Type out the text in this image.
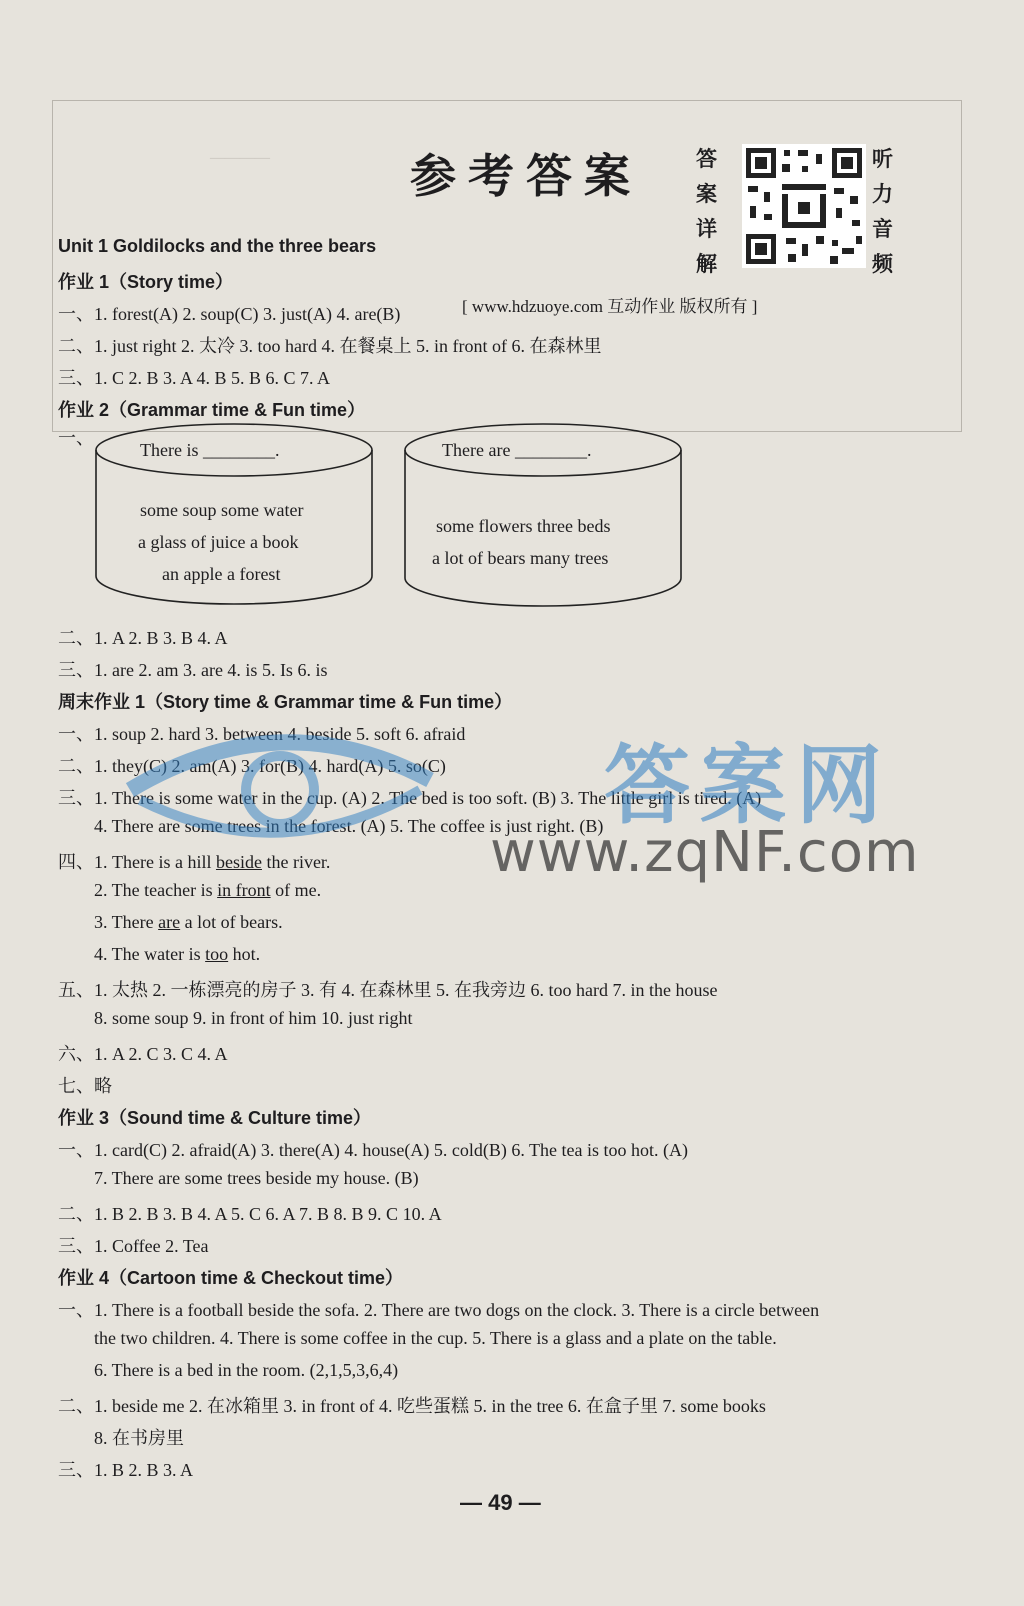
————	参考答案	答
案
详
解
听
力
音
频
Unit 1 Goldilocks and the three bears
作业 1（Story time）
一、1. forest(A) 2. soup(C) 3. just(A) 4. are(B)	[ www.hdzuoye.com 互动作业 版权所有 ]
二、1. just right 2. 太冷 3. too hard 4. 在餐桌上 5. in front of 6. 在森林里
三、1. C 2. B 3. A 4. B 5. B 6. C 7. A
作业 2（Grammar time & Fun time）
一、
There is ________.
some soup some water
a glass of juice a book
an apple a forest
There are ________.
some flowers three beds
a lot of bears many trees
二、1. A 2. B 3. B 4. A
三、1. are 2. am 3. are 4. is 5. Is 6. is
周末作业 1（Story time & Grammar time & Fun time）
一、1. soup 2. hard 3. between 4. beside 5. soft 6. afraid
二、1. they(C) 2. am(A) 3. for(B) 4. hard(A) 5. so(C)
三、1. There is some water in the cup. (A) 2. The bed is too soft. (B) 3. The little girl is tired. (A)
4. There are some trees in the forest. (A) 5. The coffee is just right. (B)
四、1. There is a hill beside the river.
2. The teacher is in front of me.
3. There are a lot of bears.
4. The water is too hot.
五、1. 太热 2. 一栋漂亮的房子 3. 有 4. 在森林里 5. 在我旁边 6. too hard 7. in the house
8. some soup 9. in front of him 10. just right
六、1. A 2. C 3. C 4. A
七、略
作业 3（Sound time & Culture time）
一、1. card(C) 2. afraid(A) 3. there(A) 4. house(A) 5. cold(B) 6. The tea is too hot. (A)
7. There are some trees beside my house. (B)
二、1. B 2. B 3. B 4. A 5. C 6. A 7. B 8. B 9. C 10. A
三、1. Coffee 2. Tea
作业 4（Cartoon time & Checkout time）
一、1. There is a football beside the sofa. 2. There are two dogs on the clock. 3. There is a circle between
the two children. 4. There is some coffee in the cup. 5. There is a glass and a plate on the table.
6. There is a bed in the room. (2,1,5,3,6,4)
二、1. beside me 2. 在冰箱里 3. in front of 4. 吃些蛋糕 5. in the tree 6. 在盒子里 7. some books
8. 在书房里
三、1. B 2. B 3. A
答案网
www.zqNF.com
— 49 —
